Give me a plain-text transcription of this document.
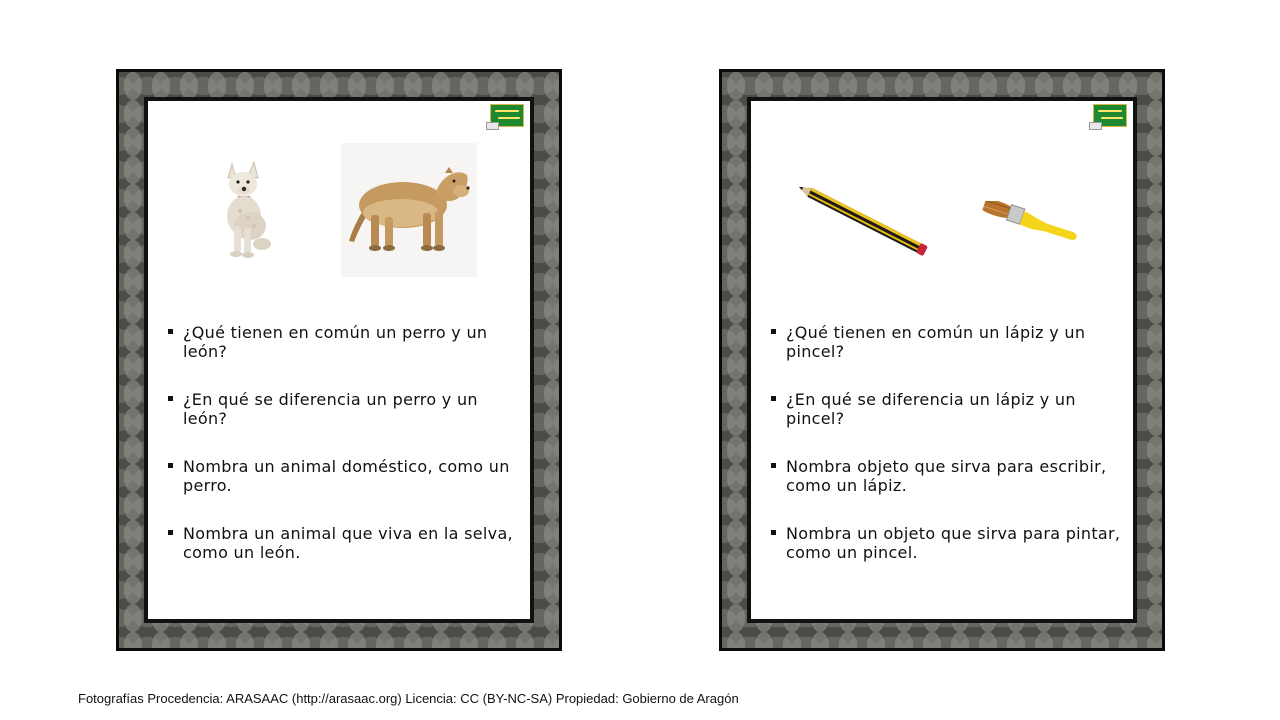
¿Qué tienen en común un perro y un león?
¿En qué se diferencia un perro y un león?
Nombra un animal doméstico, como un perro.
Nombra un animal que viva en la selva, como un león.
¿Qué tienen en común un lápiz y un pincel?
¿En qué se diferencia un lápiz y un pincel?
Nombra objeto que sirva para escribir, como un lápiz.
Nombra un objeto que sirva para pintar, como un pincel.
Fotografías Procedencia: ARASAAC (http://arasaac.org) Licencia: CC (BY-NC-SA) Propiedad: Gobierno de Aragón
